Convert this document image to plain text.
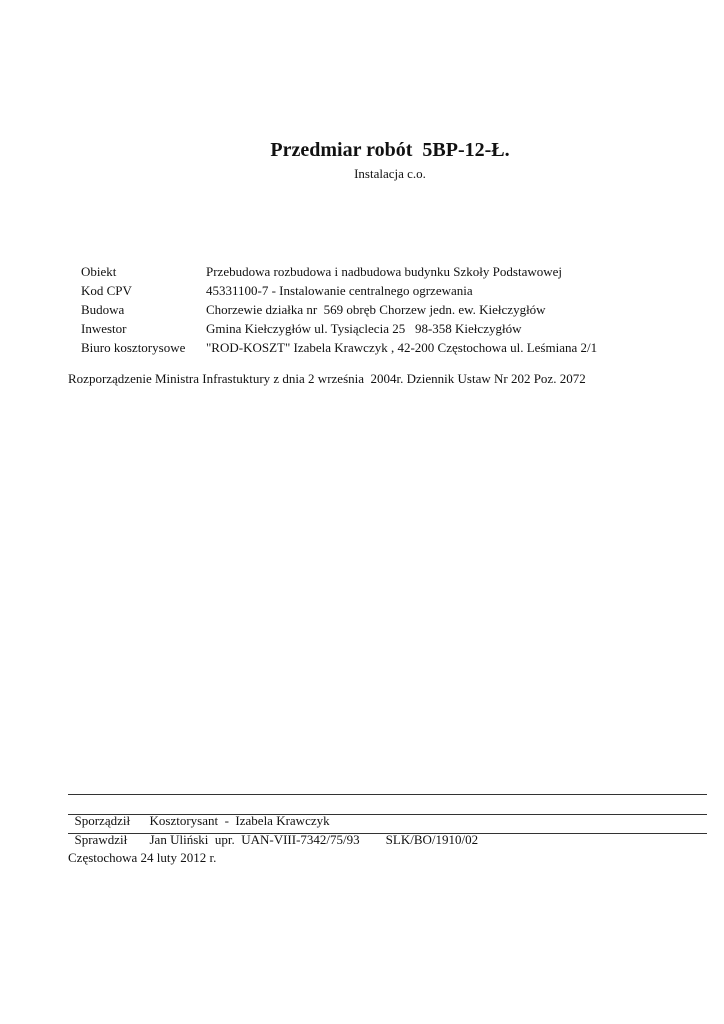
Przedmiar robót  5BP-12-Ł.
Instalacja c.o.

Obiekt	Przebudowa rozbudowa i nadbudowa budynku Szkoły Podstawowej

Kod CPV	45331100-7 - Instalowanie centralnego ogrzewania

Budowa	Chorzewie działka nr  569 obręb Chorzew jedn. ew. Kiełczygłów

Inwestor	Gmina Kiełczygłów ul. Tysiąclecia 25   98-358 Kiełczygłów

Biuro kosztorysowe "ROD-KOSZT" Izabela Krawczyk , 42-200 Częstochowa ul. Leśmiana 2/1

Rozporządzenie Ministra Infrastuktury z dnia 2 września  2004r. Dziennik Ustaw Nr 202 Poz. 2072

Sporządził Kosztorysant  -  Izabela Krawczyk

Sprawdził Jan Uliński  upr.  UAN-VIII-7342/75/93        SLK/BO/1910/02

Częstochowa 24 luty 2012 r.
